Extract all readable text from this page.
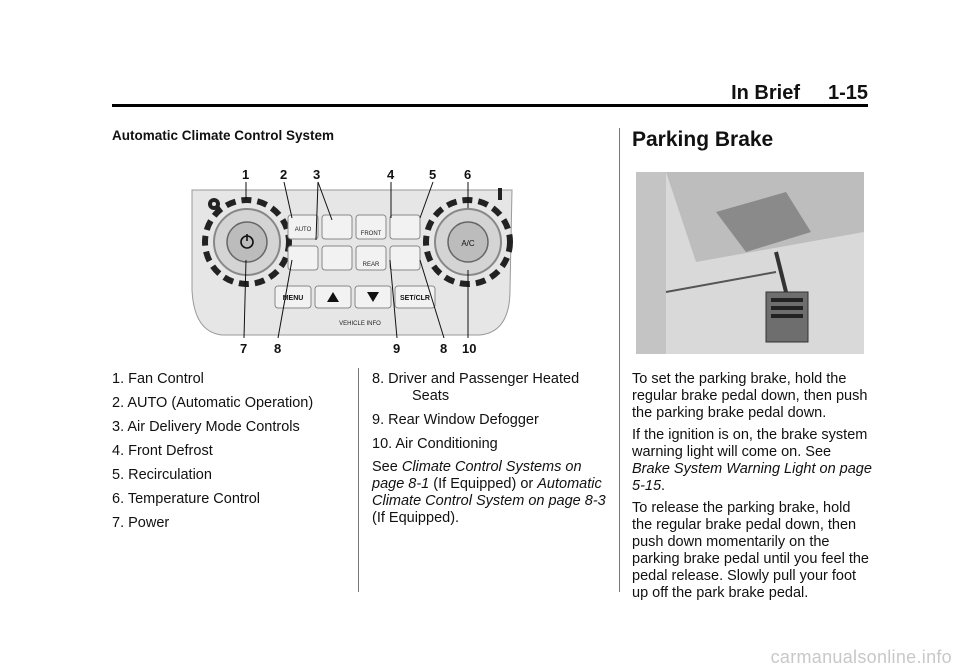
In Brief 1-15
Automatic Climate Control System
1 2 3	4	5 6
7 8	9	8 10
A/C
AUTO
FRONT
REAR
MENU	SET/CLR
VEHICLE INFO
1. Fan Control
2. AUTO (Automatic Operation)
3. Air Delivery Mode Controls
4. Front Defrost
5. Recirculation
6. Temperature Control
7. Power
8. Driver and Passenger Heated
Seats
9. Rear Window Defogger
10. Air Conditioning

See Climate Control Systems on page 8-1 (If Equipped) or Automatic Climate Control System on page 8-3 (If Equipped).

Parking Brake

To set the parking brake, hold the regular brake pedal down, then push the parking brake pedal down.

If the ignition is on, the brake system warning light will come on. See Brake System Warning Light on page 5-15.

To release the parking brake, hold the regular brake pedal down, then push down momentarily on the parking brake pedal until you feel the pedal release. Slowly pull your foot up off the park brake pedal.

carmanualsonline.info
